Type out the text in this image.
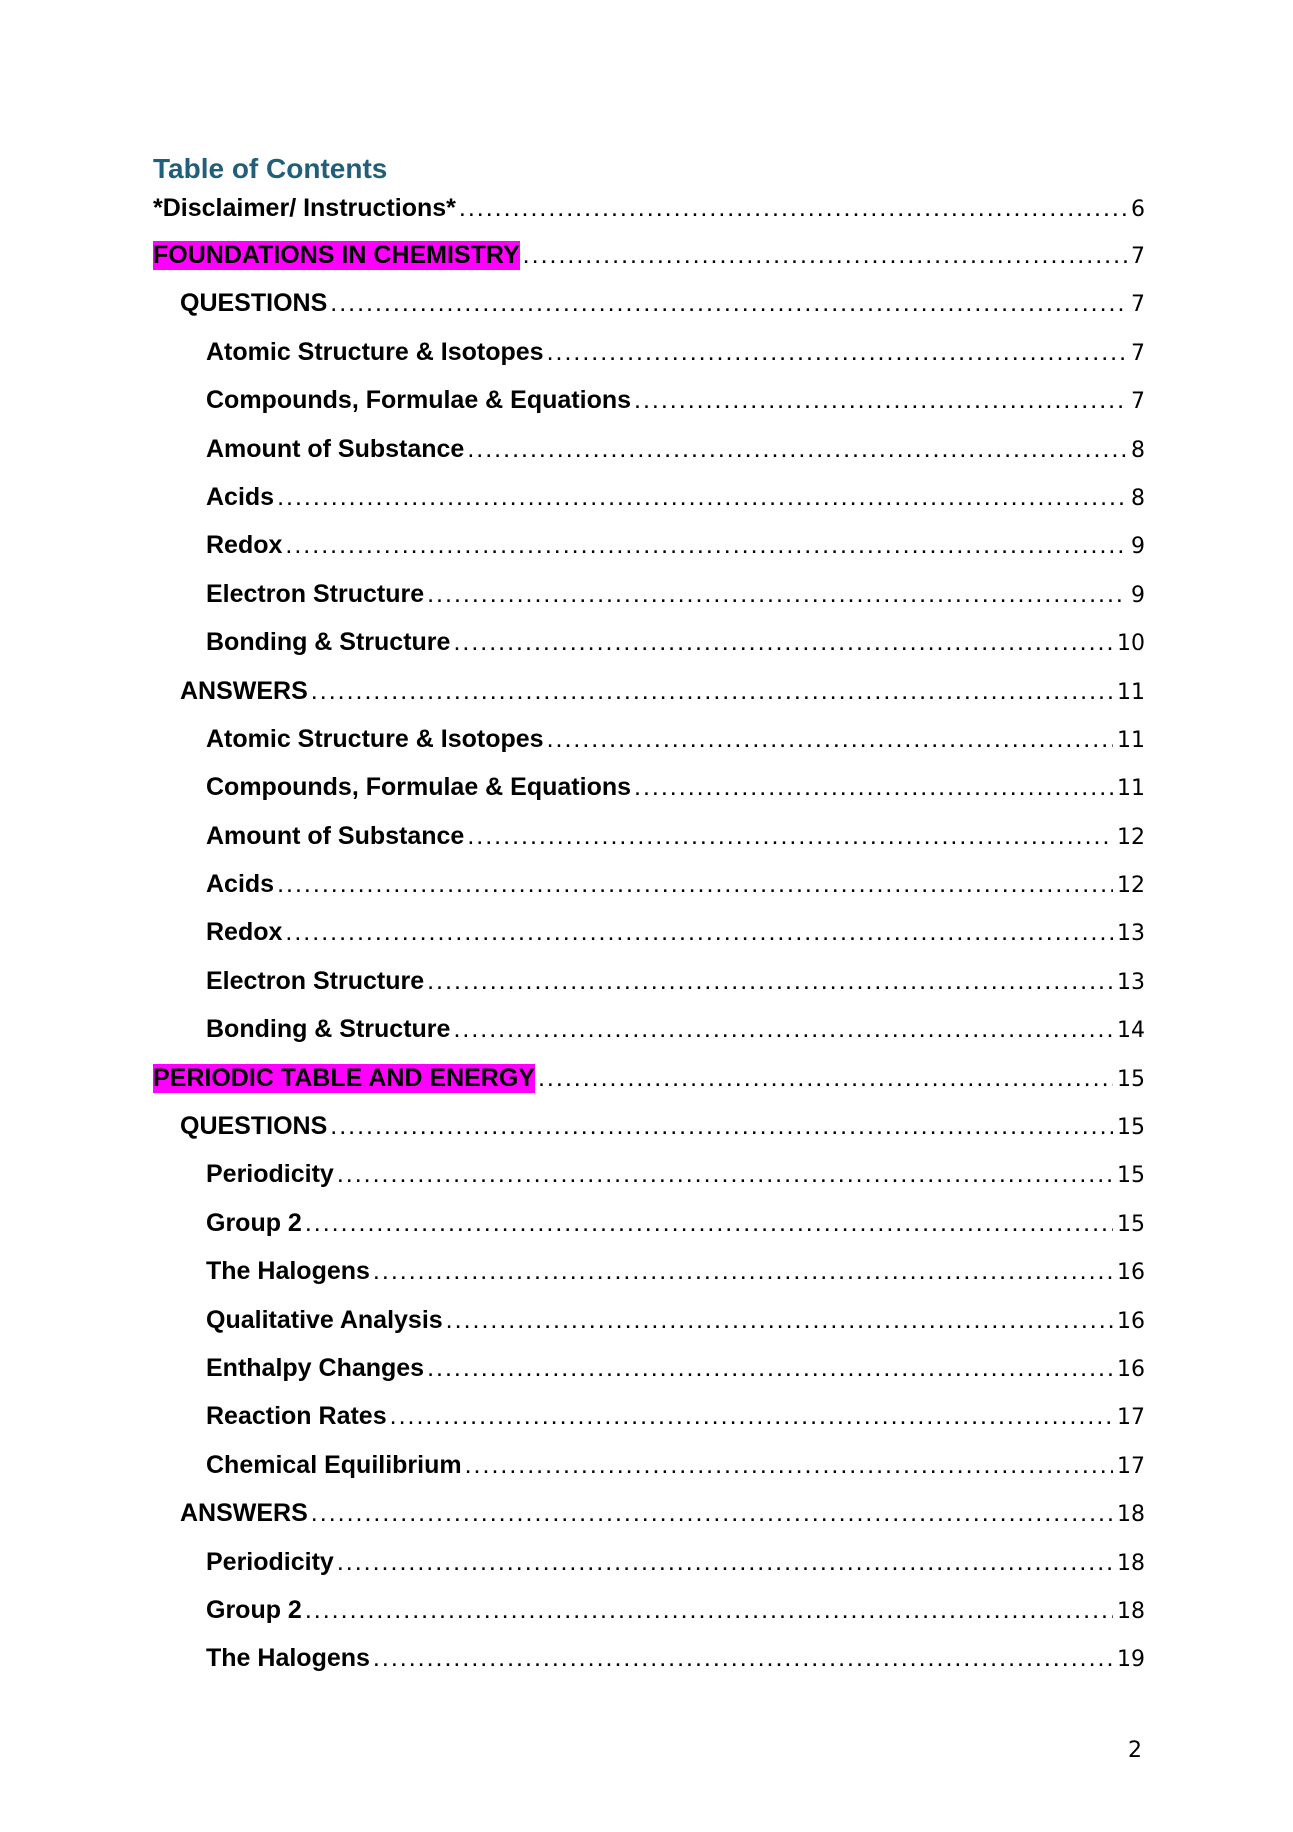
Table of Contents
*Disclaimer/ Instructions* .....	6
FOUNDATIONS IN CHEMISTRY .....	7
QUESTIONS .....	7
Atomic Structure & Isotopes .....	7
Compounds, Formulae & Equations .....	7
Amount of Substance .....	8
Acids .....	8
Redox .....	9
Electron Structure .....	9
Bonding & Structure .....	10
ANSWERS .....	11
Atomic Structure & Isotopes .....	11
Compounds, Formulae & Equations .....	11
Amount of Substance .....	12
Acids .....	12
Redox .....	13
Electron Structure .....	13
Bonding & Structure .....	14
PERIODIC TABLE AND ENERGY .....	15
QUESTIONS .....	15
Periodicity .....	15
Group 2 .....	15
The Halogens .....	16
Qualitative Analysis .....	16
Enthalpy Changes .....	16
Reaction Rates .....	17
Chemical Equilibrium .....	17
ANSWERS .....	18
Periodicity .....	18
Group 2 .....	18
The Halogens .....	19
2
